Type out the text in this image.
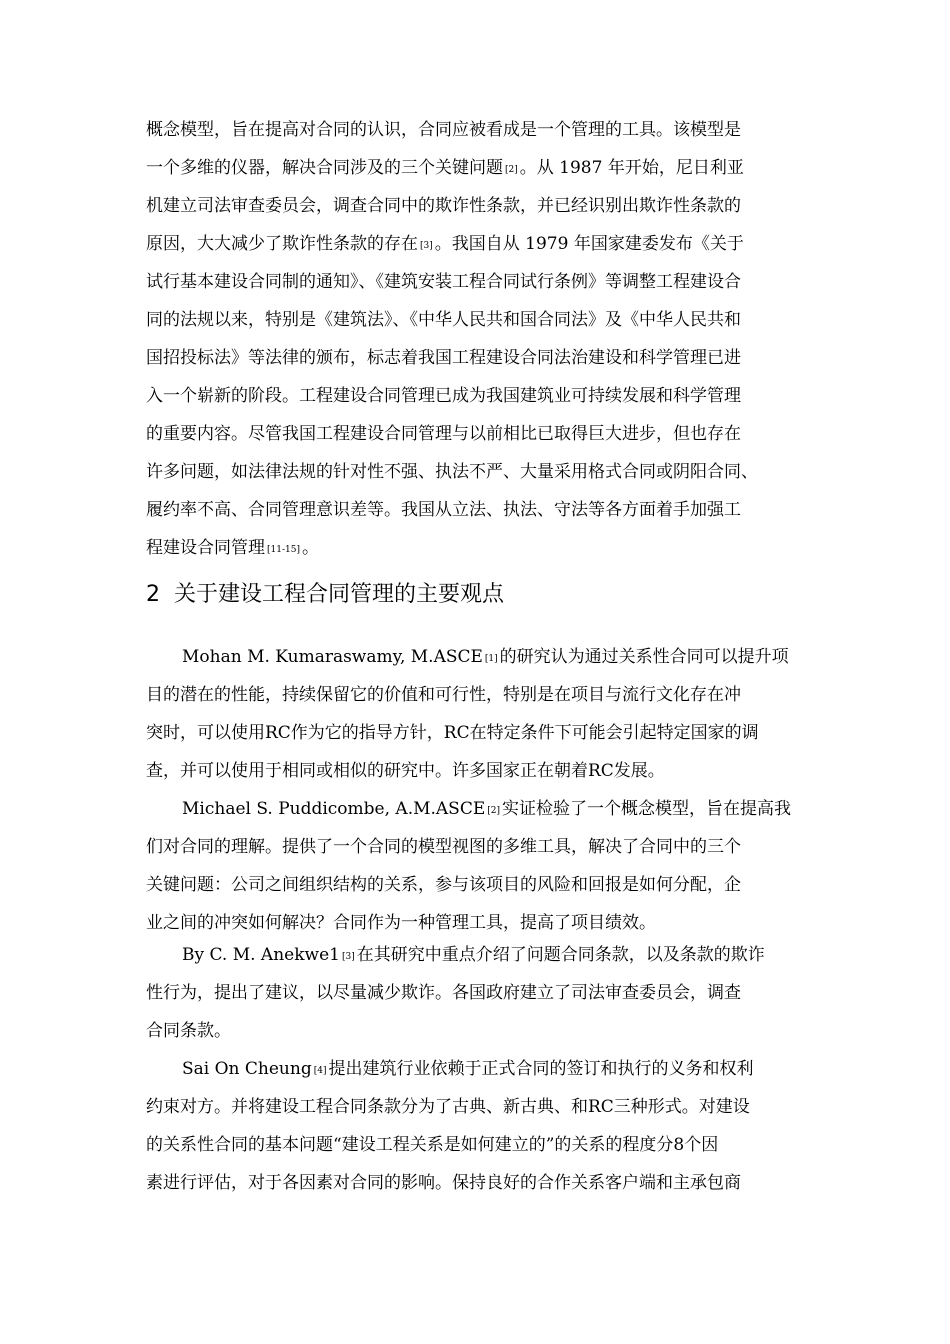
概念模型，旨在提高对合同的认识，合同应被看成是一个管理的工具。该模型是
一个多维的仪器，解决合同涉及的三个关键问题 [2] 。从 1987 年开始，尼日利亚
机建立司法审查委员会，调查合同中的欺诈性条款，并已经识别出欺诈性条款的
原因，大大减少了欺诈性条款的存在 [3] 。我国自从 1979 年国家建委发布《关于
试行基本建设合同制的通知》、《建筑安装工程合同试行条例》等调整工程建设合
同的法规以来，特别是《建筑法》、《中华人民共和国合同法》及《中华人民共和
国招投标法》等法律的颁布，标志着我国工程建设合同法治建设和科学管理已进
入一个崭新的阶段。工程建设合同管理已成为我国建筑业可持续发展和科学管理
的重要内容。尽管我国工程建设合同管理与以前相比已取得巨大进步，但也存在
许多问题，如法律法规的针对性不强、执法不严、大量采用格式合同或阴阳合同、
履约率不高、合同管理意识差等。我国从立法、执法、守法等各方面着手加强工
程建设合同管理 [11-15] 。
2 关于建设工程合同管理的主要观点
Mohan M. Kumaraswamy, M.ASCE [1] 的研究认为通过关系性合同可以提升项
目的潜在的性能，持续保留它的价值和可行性，特别是在项目与流行文化存在冲
突时，可以使用RC作为它的指导方针，RC在特定条件下可能会引起特定国家的调
查，并可以使用于相同或相似的研究中。许多国家正在朝着RC发展。
Michael S. Puddicombe, A.M.ASCE [2] 实证检验了一个概念模型，旨在提高我
们对合同的理解。提供了一个合同的模型视图的多维工具，解决了合同中的三个
关键问题：公司之间组织结构的关系，参与该项目的风险和回报是如何分配，企
业之间的冲突如何解决？合同作为一种管理工具，提高了项目绩效。
By C. M. Anekwe1 [3] 在其研究中重点介绍了问题合同条款，以及条款的欺诈
性行为，提出了建议，以尽量减少欺诈。各国政府建立了司法审查委员会，调查
合同条款。
Sai On Cheung [4] 提出建筑行业依赖于正式合同的签订和执行的义务和权利
约束对方。并将建设工程合同条款分为了古典、新古典、和RC三种形式。对建设
的关系性合同的基本问题“建设工程关系是如何建立的”的关系的程度分8个因
素进行评估，对于各因素对合同的影响。保持良好的合作关系客户端和主承包商
